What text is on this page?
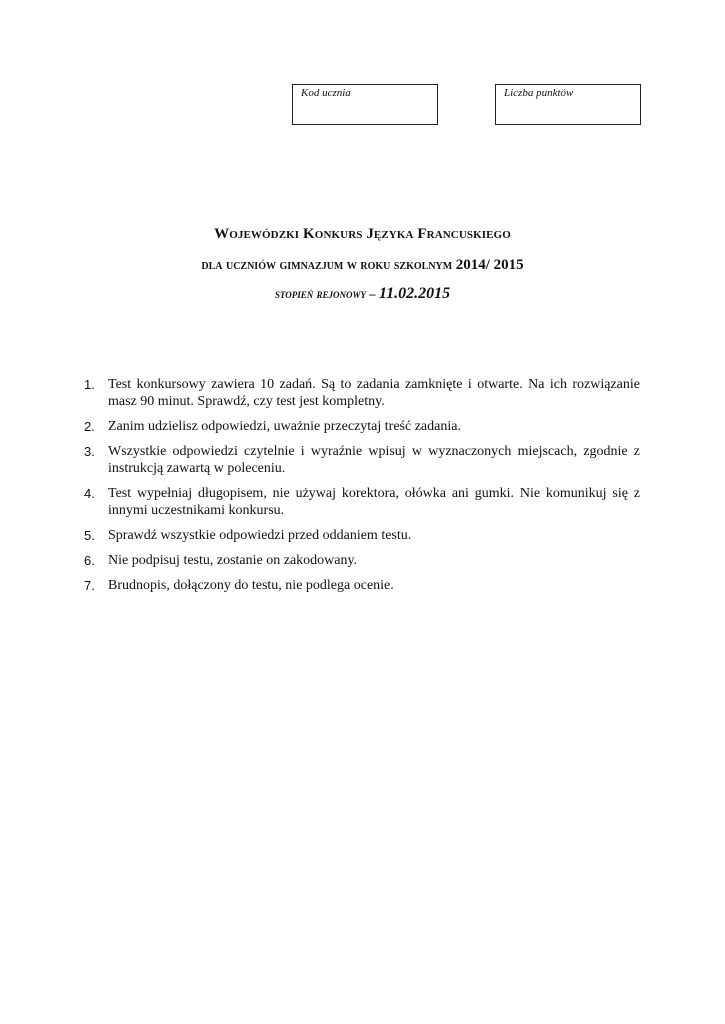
Kod ucznia	Liczba punktów
Wojewódzki Konkurs Języka Francuskiego
dla uczniów gimnazjum w roku szkolnym 2014/ 2015
stopień rejonowy – 11.02.2015
1. Test konkursowy zawiera 10 zadań. Są to zadania zamknięte i otwarte. Na ich rozwiązanie masz 90 minut. Sprawdź, czy test jest kompletny.
2. Zanim udzielisz odpowiedzi, uważnie przeczytaj treść zadania.
3. Wszystkie odpowiedzi czytelnie i wyraźnie wpisuj w wyznaczonych miejscach, zgodnie z instrukcją zawartą w poleceniu.
4. Test wypełniaj długopisem, nie używaj korektora, ołówka ani gumki. Nie komunikuj się z innymi uczestnikami konkursu.
5. Sprawdź wszystkie odpowiedzi przed oddaniem testu.
6. Nie podpisuj testu, zostanie on zakodowany.
7. Brudnopis, dołączony do testu, nie podlega ocenie.
